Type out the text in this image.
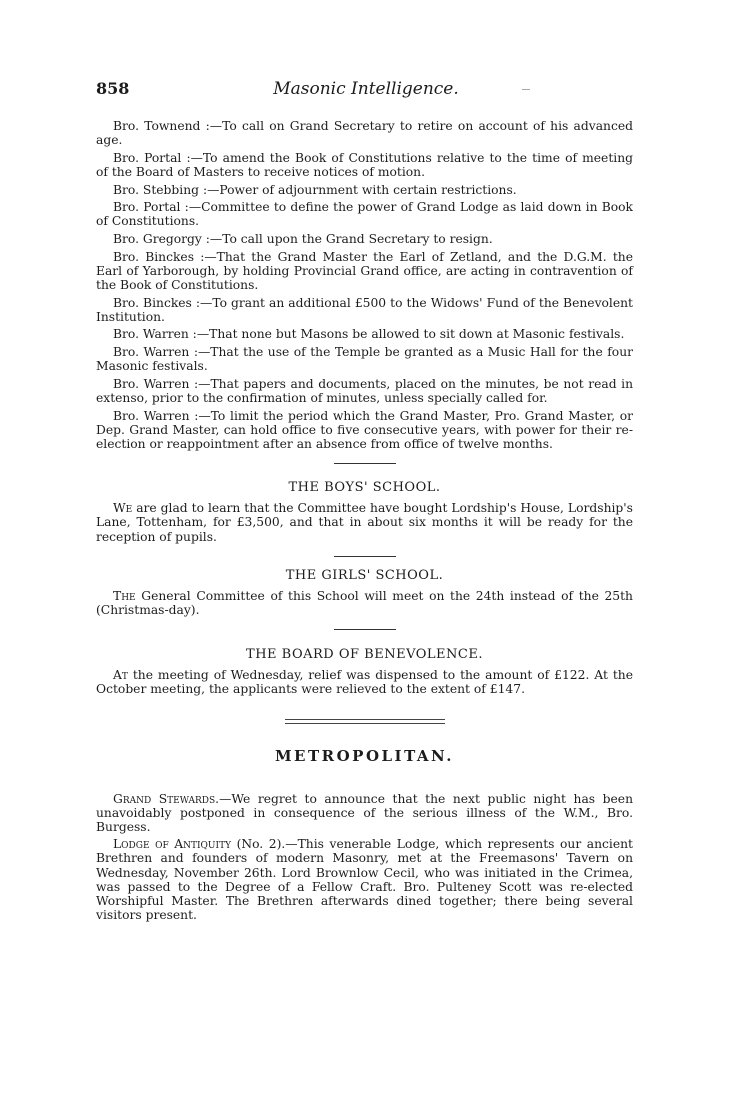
858	Masonic Intelligence.

Bro. Townend :—To call on Grand Secretary to retire on account of his advanced age.

Bro. Portal :—To amend the Book of Constitutions relative to the time of meeting of the Board of Masters to receive notices of motion.

Bro. Stebbing :—Power of adjournment with certain restrictions.

Bro. Portal :—Committee to define the power of Grand Lodge as laid down in Book of Constitutions.

Bro. Gregorgy :—To call upon the Grand Secretary to resign.

Bro. Binckes :—That the Grand Master the Earl of Zetland, and the D.G.M. the Earl of Yarborough, by holding Provincial Grand office, are acting in contravention of the Book of Constitutions.

Bro. Binckes :—To grant an additional £500 to the Widows' Fund of the Benevolent Institution.

Bro. Warren :—That none but Masons be allowed to sit down at Masonic festivals.

Bro. Warren :—That the use of the Temple be granted as a Music Hall for the four Masonic festivals.

Bro. Warren :—That papers and documents, placed on the minutes, be not read in extenso, prior to the confirmation of minutes, unless specially called for.

Bro. Warren :—To limit the period which the Grand Master, Pro. Grand Master, or Dep. Grand Master, can hold office to five consecutive years, with power for their re-election or reappointment after an absence from office of twelve months.

THE BOYS' SCHOOL.

We are glad to learn that the Committee have bought Lordship's House, Lordship's Lane, Tottenham, for £3,500, and that in about six months it will be ready for the reception of pupils.

THE GIRLS' SCHOOL.

The General Committee of this School will meet on the 24th instead of the 25th (Christmas-day).

THE BOARD OF BENEVOLENCE.

At the meeting of Wednesday, relief was dispensed to the amount of £122. At the October meeting, the applicants were relieved to the extent of £147.

METROPOLITAN.

Grand Stewards.—We regret to announce that the next public night has been unavoidably postponed in consequence of the serious illness of the W.M., Bro. Burgess.

Lodge of Antiquity (No. 2).—This venerable Lodge, which represents our ancient Brethren and founders of modern Masonry, met at the Freemasons' Tavern on Wednesday, November 26th. Lord Brownlow Cecil, who was initiated in the Crimea, was passed to the Degree of a Fellow Craft. Bro. Pulteney Scott was re-elected Worshipful Master. The Brethren afterwards dined together; there being several visitors present.
